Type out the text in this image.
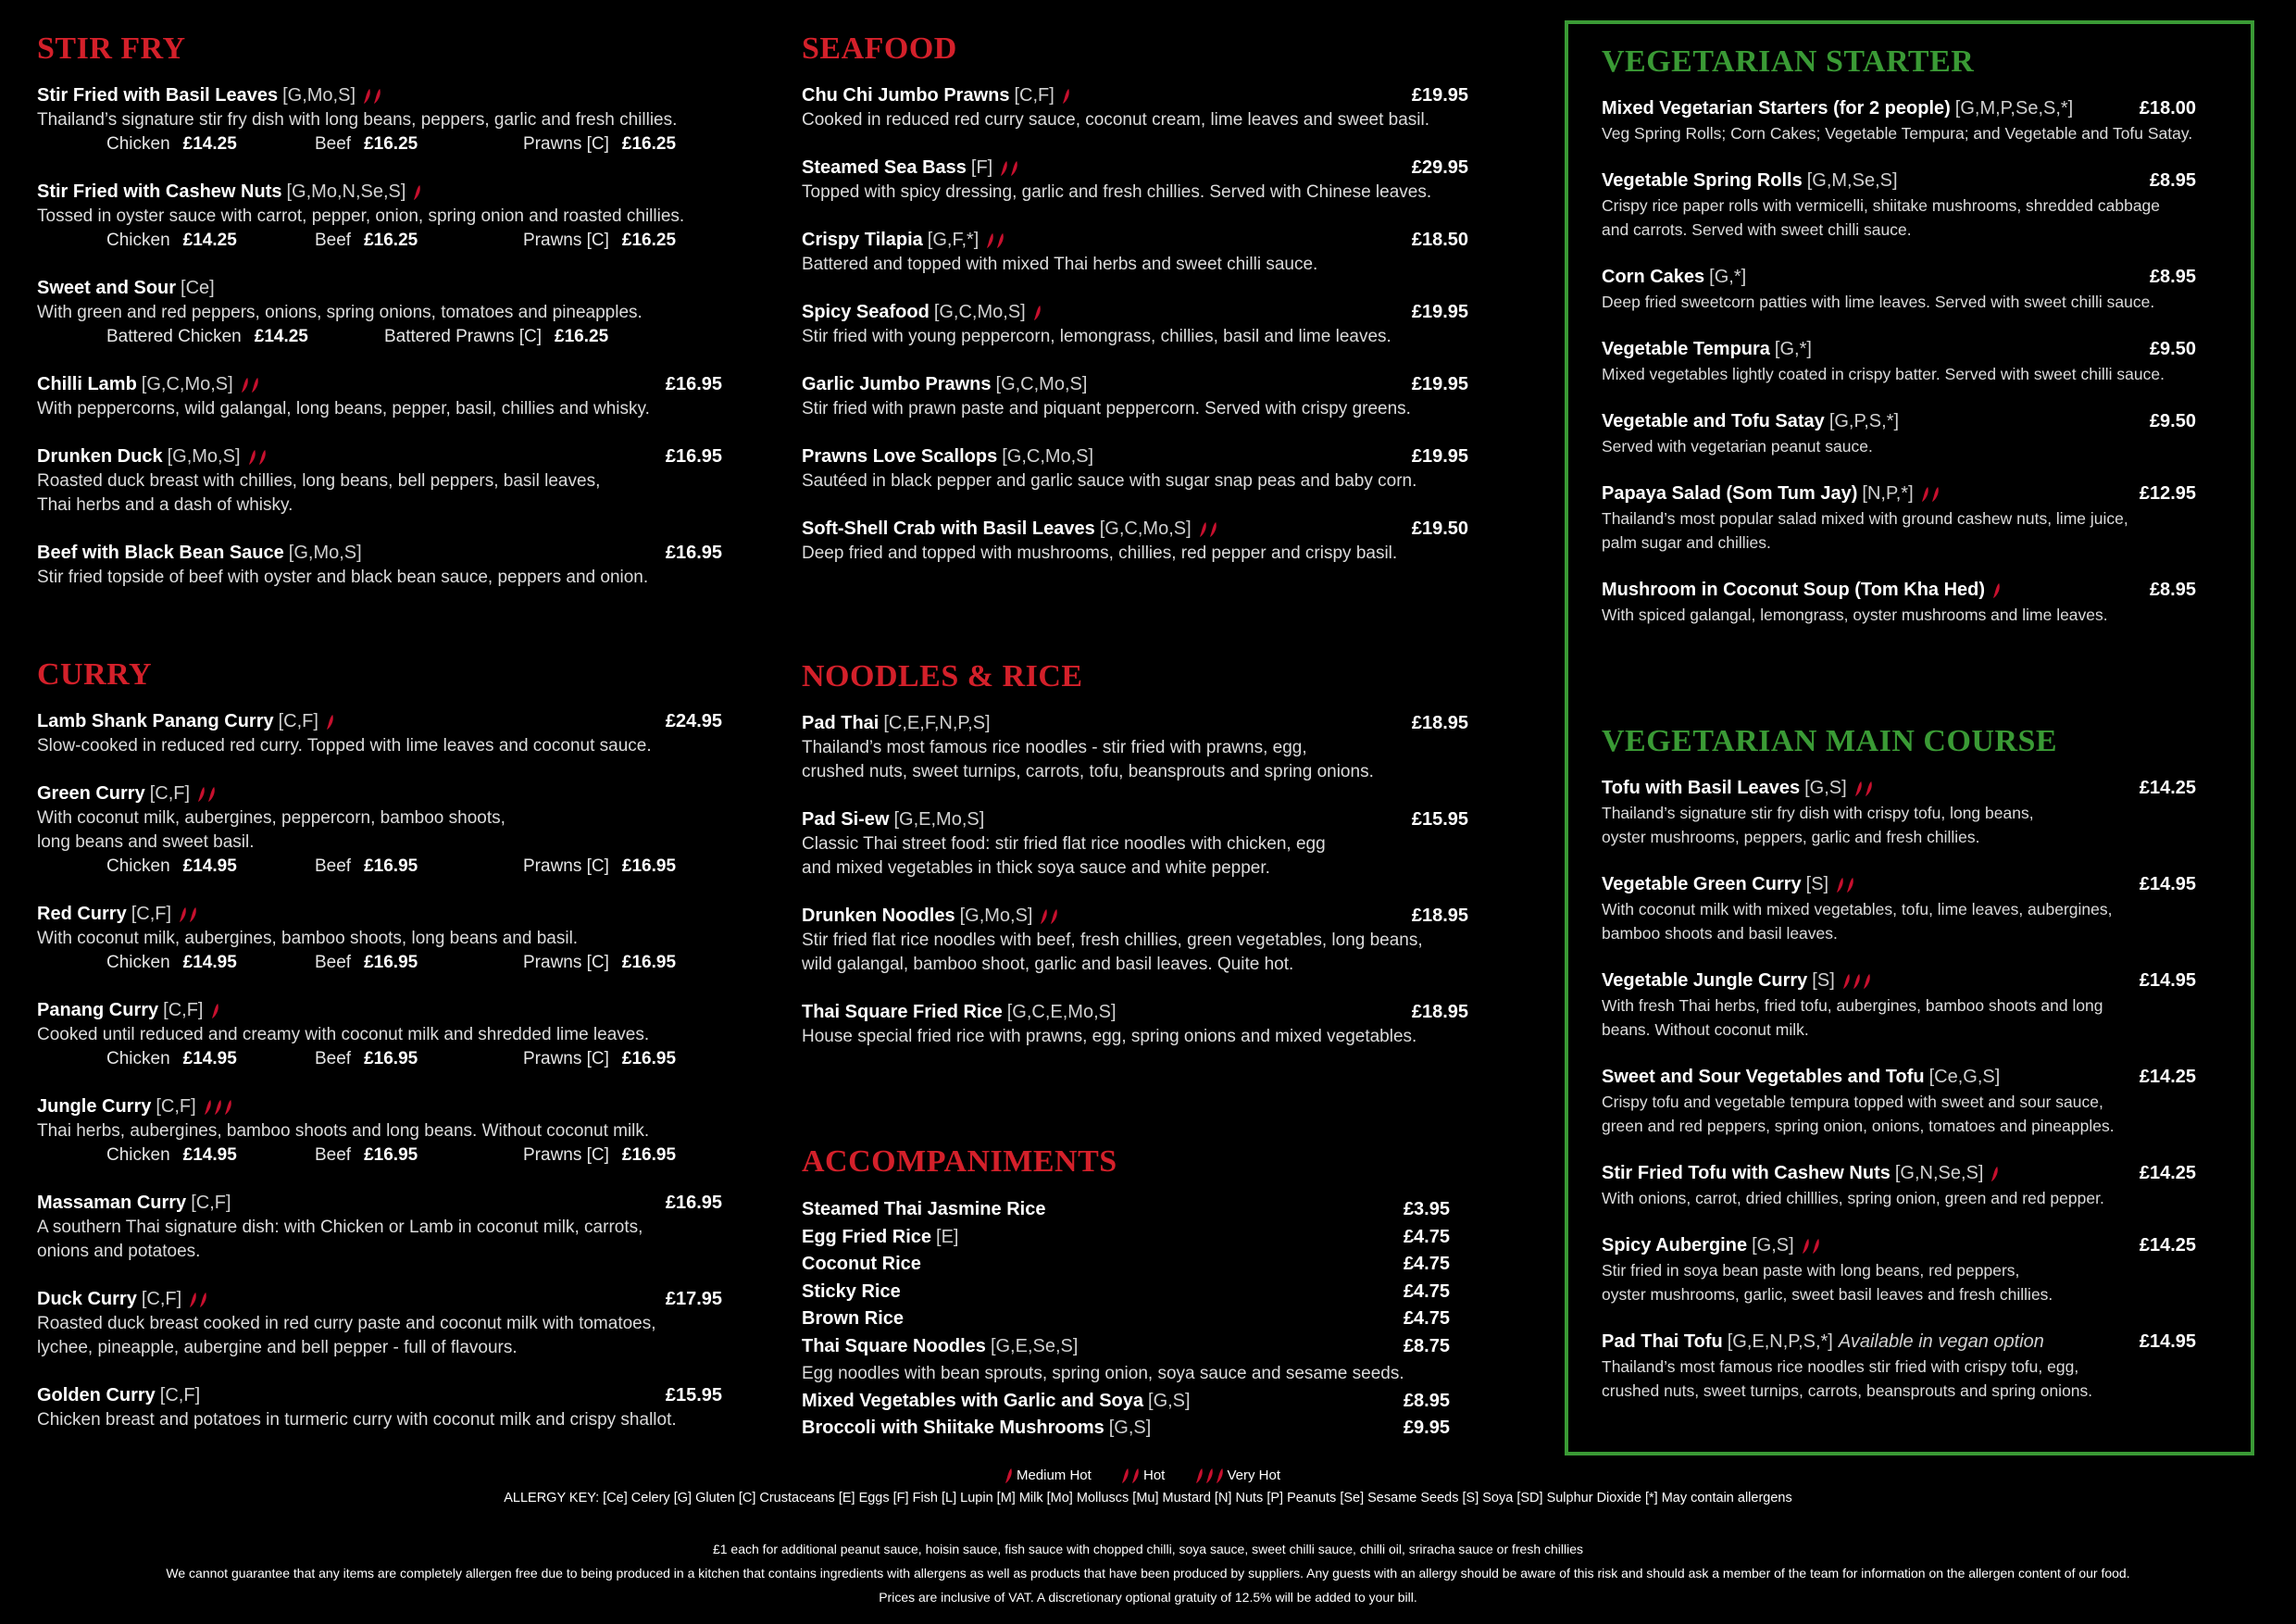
STIR FRY
Stir Fried with Basil Leaves [G,Mo,S]
Thailand’s signature stir fry dish with long beans, peppers, garlic and fresh chillies.
Chicken £14.25	Beef £16.25	Prawns [C] £16.25
Stir Fried with Cashew Nuts [G,Mo,N,Se,S]
Tossed in oyster sauce with carrot, pepper, onion, spring onion and roasted chillies.
Chicken £14.25	Beef £16.25	Prawns [C] £16.25
Sweet and Sour [Ce]
With green and red peppers, onions, spring onions, tomatoes and pineapples.
Battered Chicken £14.25	Battered Prawns [C] £16.25
Chilli Lamb [G,C,Mo,S]	£16.95
With peppercorns, wild galangal, long beans, pepper, basil, chillies and whisky.
Drunken Duck [G,Mo,S]	£16.95
Roasted duck breast with chillies, long beans, bell peppers, basil leaves,
Thai herbs and a dash of whisky.
Beef with Black Bean Sauce [G,Mo,S]	£16.95
Stir fried topside of beef with oyster and black bean sauce, peppers and onion.
CURRY
Lamb Shank Panang Curry [C,F]	£24.95
Slow-cooked in reduced red curry. Topped with lime leaves and coconut sauce.
Green Curry [C,F]
With coconut milk, aubergines, peppercorn, bamboo shoots,
long beans and sweet basil.
Chicken £14.95	Beef £16.95	Prawns [C] £16.95
Red Curry [C,F]
With coconut milk, aubergines, bamboo shoots, long beans and basil.
Chicken £14.95	Beef £16.95	Prawns [C] £16.95
Panang Curry [C,F]
Cooked until reduced and creamy with coconut milk and shredded lime leaves.
Chicken £14.95	Beef £16.95	Prawns [C] £16.95
Jungle Curry [C,F]
Thai herbs, aubergines, bamboo shoots and long beans. Without coconut milk.
Chicken £14.95	Beef £16.95	Prawns [C] £16.95
Massaman Curry [C,F]	£16.95
A southern Thai signature dish: with Chicken or Lamb in coconut milk, carrots,
onions and potatoes.
Duck Curry [C,F]	£17.95
Roasted duck breast cooked in red curry paste and coconut milk with tomatoes,
lychee, pineapple, aubergine and bell pepper - full of flavours.
Golden Curry [C,F]	£15.95
Chicken breast and potatoes in turmeric curry with coconut milk and crispy shallot.
SEAFOOD
Chu Chi Jumbo Prawns [C,F]	£19.95
Cooked in reduced red curry sauce, coconut cream, lime leaves and sweet basil.
Steamed Sea Bass [F]	£29.95
Topped with spicy dressing, garlic and fresh chillies. Served with Chinese leaves.
Crispy Tilapia [G,F,*]	£18.50
Battered and topped with mixed Thai herbs and sweet chilli sauce.
Spicy Seafood [G,C,Mo,S]	£19.95
Stir fried with young peppercorn, lemongrass, chillies, basil and lime leaves.
Garlic Jumbo Prawns [G,C,Mo,S]	£19.95
Stir fried with prawn paste and piquant peppercorn. Served with crispy greens.
Prawns Love Scallops [G,C,Mo,S]	£19.95
Sautéed in black pepper and garlic sauce with sugar snap peas and baby corn.
Soft-Shell Crab with Basil Leaves [G,C,Mo,S]	£19.50
Deep fried and topped with mushrooms, chillies, red pepper and crispy basil.
NOODLES & RICE
Pad Thai [C,E,F,N,P,S]	£18.95
Thailand’s most famous rice noodles - stir fried with prawns, egg,
crushed nuts, sweet turnips, carrots, tofu, beansprouts and spring onions.
Pad Si-ew [G,E,Mo,S]	£15.95
Classic Thai street food: stir fried flat rice noodles with chicken, egg
and mixed vegetables in thick soya sauce and white pepper.
Drunken Noodles [G,Mo,S]	£18.95
Stir fried flat rice noodles with beef, fresh chillies, green vegetables, long beans,
wild galangal, bamboo shoot, garlic and basil leaves. Quite hot.
Thai Square Fried Rice [G,C,E,Mo,S]	£18.95
House special fried rice with prawns, egg, spring onions and mixed vegetables.
ACCOMPANIMENTS
Steamed Thai Jasmine Rice	£3.95
Egg Fried Rice [E]	£4.75
Coconut Rice	£4.75
Sticky Rice	£4.75
Brown Rice	£4.75
Thai Square Noodles [G,E,Se,S]	£8.75
Egg noodles with bean sprouts, spring onion, soya sauce and sesame seeds.
Mixed Vegetables with Garlic and Soya [G,S]	£8.95
Broccoli with Shiitake Mushrooms [G,S]	£9.95
VEGETARIAN STARTER
Mixed Vegetarian Starters (for 2 people) [G,M,P,Se,S,*]	£18.00
Veg Spring Rolls; Corn Cakes; Vegetable Tempura; and Vegetable and Tofu Satay.
Vegetable Spring Rolls [G,M,Se,S]	£8.95
Crispy rice paper rolls with vermicelli, shiitake mushrooms, shredded cabbage
and carrots. Served with sweet chilli sauce.
Corn Cakes [G,*]	£8.95
Deep fried sweetcorn patties with lime leaves. Served with sweet chilli sauce.
Vegetable Tempura [G,*]	£9.50
Mixed vegetables lightly coated in crispy batter. Served with sweet chilli sauce.
Vegetable and Tofu Satay [G,P,S,*]	£9.50
Served with vegetarian peanut sauce.
Papaya Salad (Som Tum Jay) [N,P,*]	£12.95
Thailand’s most popular salad mixed with ground cashew nuts, lime juice,
palm sugar and chillies.
Mushroom in Coconut Soup (Tom Kha Hed)	£8.95
With spiced galangal, lemongrass, oyster mushrooms and lime leaves.
VEGETARIAN MAIN COURSE
Tofu with Basil Leaves [G,S]	£14.25
Thailand’s signature stir fry dish with crispy tofu, long beans,
oyster mushrooms, peppers, garlic and fresh chillies.
Vegetable Green Curry [S]	£14.95
With coconut milk with mixed vegetables, tofu, lime leaves, aubergines,
bamboo shoots and basil leaves.
Vegetable Jungle Curry [S]	£14.95
With fresh Thai herbs, fried tofu, aubergines, bamboo shoots and long
beans. Without coconut milk.
Sweet and Sour Vegetables and Tofu [Ce,G,S]	£14.25
Crispy tofu and vegetable tempura topped with sweet and sour sauce,
green and red peppers, spring onion, onions, tomatoes and pineapples.
Stir Fried Tofu with Cashew Nuts [G,N,Se,S]	£14.25
With onions, carrot, dried chilllies, spring onion, green and red pepper.
Spicy Aubergine [G,S]	£14.25
Stir fried in soya bean paste with long beans, red peppers,
oyster mushrooms, garlic, sweet basil leaves and fresh chillies.
Pad Thai Tofu [G,E,N,P,S,*] Available in vegan option	£14.95
Thailand’s most famous rice noodles stir fried with crispy tofu, egg,
crushed nuts, sweet turnips, carrots, beansprouts and spring onions.
Medium Hot	Hot	Very Hot
ALLERGY KEY: [Ce] Celery [G] Gluten [C] Crustaceans [E] Eggs [F] Fish [L] Lupin [M] Milk [Mo] Molluscs [Mu] Mustard [N] Nuts [P] Peanuts [Se] Sesame Seeds [S] Soya [SD] Sulphur Dioxide [*] May contain allergens
£1 each for additional peanut sauce, hoisin sauce, fish sauce with chopped chilli, soya sauce, sweet chilli sauce, chilli oil, sriracha sauce or fresh chillies
We cannot guarantee that any items are completely allergen free due to being produced in a kitchen that contains ingredients with allergens as well as products that have been produced by suppliers. Any guests with an allergy should be aware of this risk and should ask a member of the team for information on the allergen content of our food.
Prices are inclusive of VAT. A discretionary optional gratuity of 12.5% will be added to your bill.
